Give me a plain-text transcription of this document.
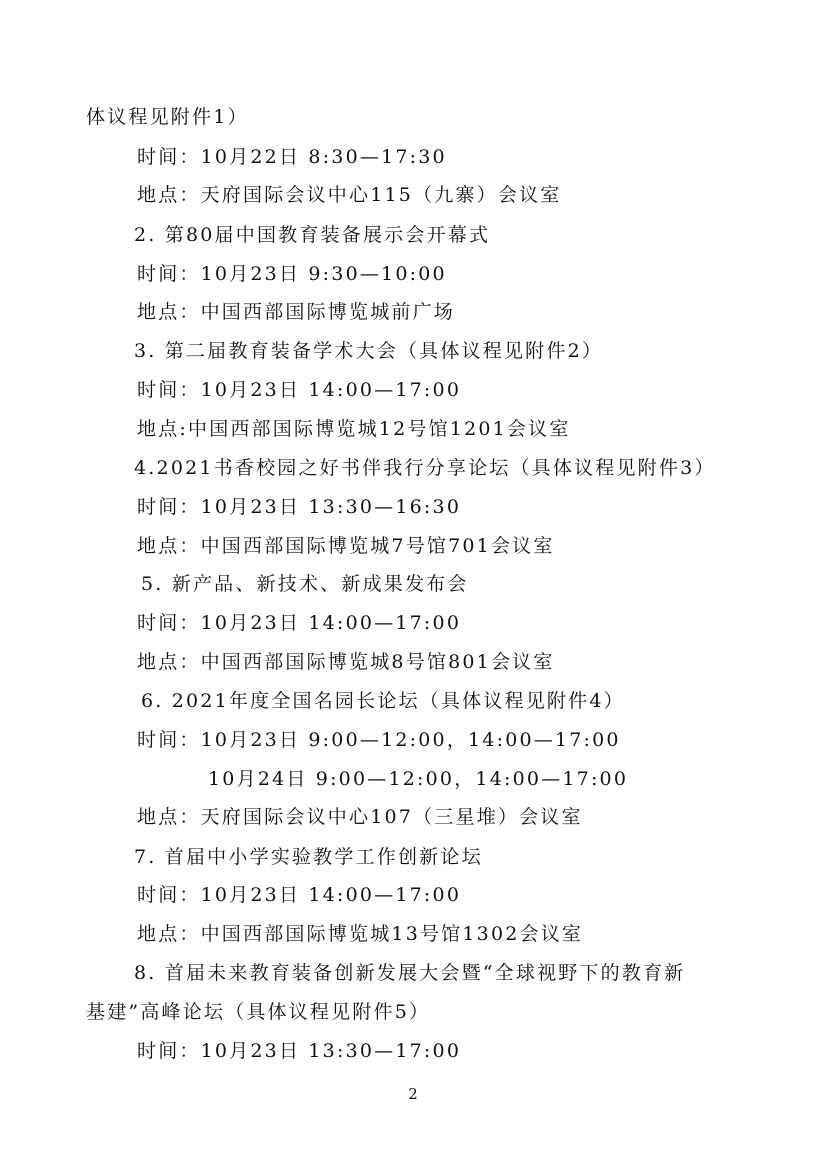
体议程见附件1）
时间：10月22日 8:30—17:30
地点：天府国际会议中心115（九寨）会议室
2. 第80届中国教育装备展示会开幕式
时间：10月23日 9:30—10:00
地点：中国西部国际博览城前广场
3. 第二届教育装备学术大会（具体议程见附件2）
时间：10月23日 14:00—17:00
地点:中国西部国际博览城12号馆1201会议室
4.2021书香校园之好书伴我行分享论坛（具体议程见附件3）
时间：10月23日 13:30—16:30
地点：中国西部国际博览城7号馆701会议室
5. 新产品、新技术、新成果发布会
时间：10月23日 14:00—17:00
地点：中国西部国际博览城8号馆801会议室
6. 2021年度全国名园长论坛（具体议程见附件4）
时间：10月23日 9:00—12:00，14:00—17:00
10月24日 9:00—12:00，14:00—17:00
地点：天府国际会议中心107（三星堆）会议室
7. 首届中小学实验教学工作创新论坛
时间：10月23日 14:00—17:00
地点：中国西部国际博览城13号馆1302会议室
8. 首届未来教育装备创新发展大会暨“全球视野下的教育新
基建”高峰论坛（具体议程见附件5）
时间：10月23日 13:30—17:00
2
